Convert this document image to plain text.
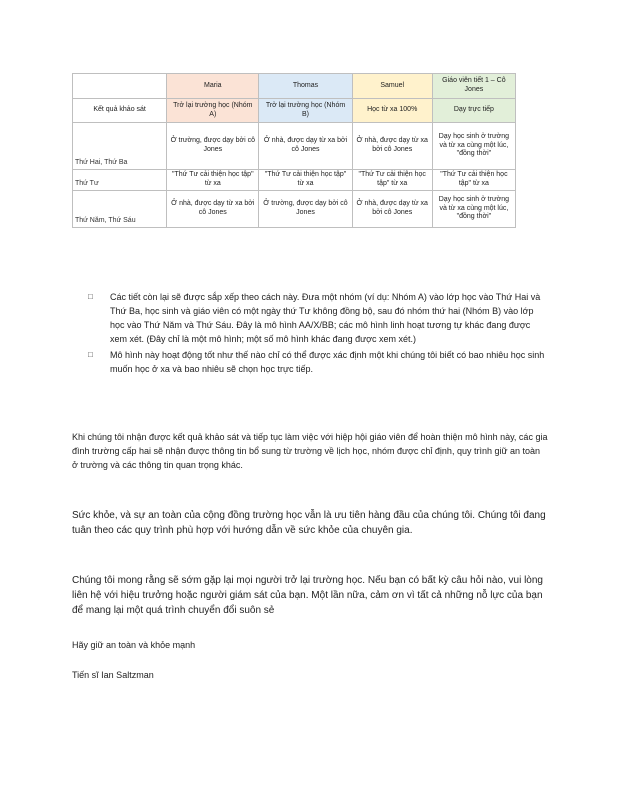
	Maria	Thomas	Samuel	Giáo viên tiết 1 – Cô Jones
Kết quả khảo sát	Trở lại trường học (Nhóm A)	Trở lại trường học (Nhóm B)	Học từ xa 100%	Dạy trực tiếp
Thứ Hai, Thứ Ba	Ở trường, được dạy bởi cô Jones	Ở nhà, được dạy từ xa bởi cô Jones	Ở nhà, được dạy từ xa bởi cô Jones	Dạy học sinh ở trường và từ xa cùng một lúc, "đồng thời"
Thứ Tư	"Thứ Tư cải thiện học tập" từ xa	"Thứ Tư cải thiện học tập" từ xa	"Thứ Tư cải thiện học tập" từ xa	"Thứ Tư cải thiện học tập" từ xa
Thứ Năm, Thứ Sáu	Ở nhà, được dạy từ xa bởi cô Jones	Ở trường, được dạy bởi cô Jones	Ở nhà, được dạy từ xa bởi cô Jones	Dạy học sinh ở trường và từ xa cùng một lúc, "đồng thời"
□ Các tiết còn lại sẽ được sắp xếp theo cách này. Đưa một nhóm (ví dụ: Nhóm A) vào lớp học vào Thứ Hai và Thứ Ba, học sinh và giáo viên có một ngày thứ Tư không đồng bộ, sau đó nhóm thứ hai (Nhóm B) vào lớp học vào Thứ Năm và Thứ Sáu. Đây là mô hình AA/X/BB; các mô hình linh hoạt tương tự khác đang được xem xét. (Đây chỉ là một mô hình; một số mô hình khác đang được xem xét.)
□ Mô hình này hoạt động tốt như thế nào chỉ có thể được xác định một khi chúng tôi biết có bao nhiêu học sinh muốn học ở xa và bao nhiêu sẽ chọn học trực tiếp.
Khi chúng tôi nhận được kết quả khảo sát và tiếp tục làm việc với hiệp hội giáo viên để hoàn thiện mô hình này, các gia đình trường cấp hai sẽ nhận được thông tin bổ sung từ trường về lịch học, nhóm được chỉ định, quy trình giữ an toàn ở trường và các thông tin quan trọng khác.
Sức khỏe, và sự an toàn của cộng đồng trường học vẫn là ưu tiên hàng đầu của chúng tôi. Chúng tôi đang tuân theo các quy trình phù hợp với hướng dẫn về sức khỏe của chuyên gia.
Chúng tôi mong rằng sẽ sớm gặp lại mọi người trở lại trường học. Nếu bạn có bất kỳ câu hỏi nào, vui lòng liên hệ với hiệu trưởng hoặc người giám sát của bạn. Một lần nữa, cảm ơn vì tất cả những nỗ lực của bạn để mang lại một quá trình chuyển đổi suôn sẻ
Hãy giữ an toàn và khỏe mạnh
Tiến sĩ Ian Saltzman
